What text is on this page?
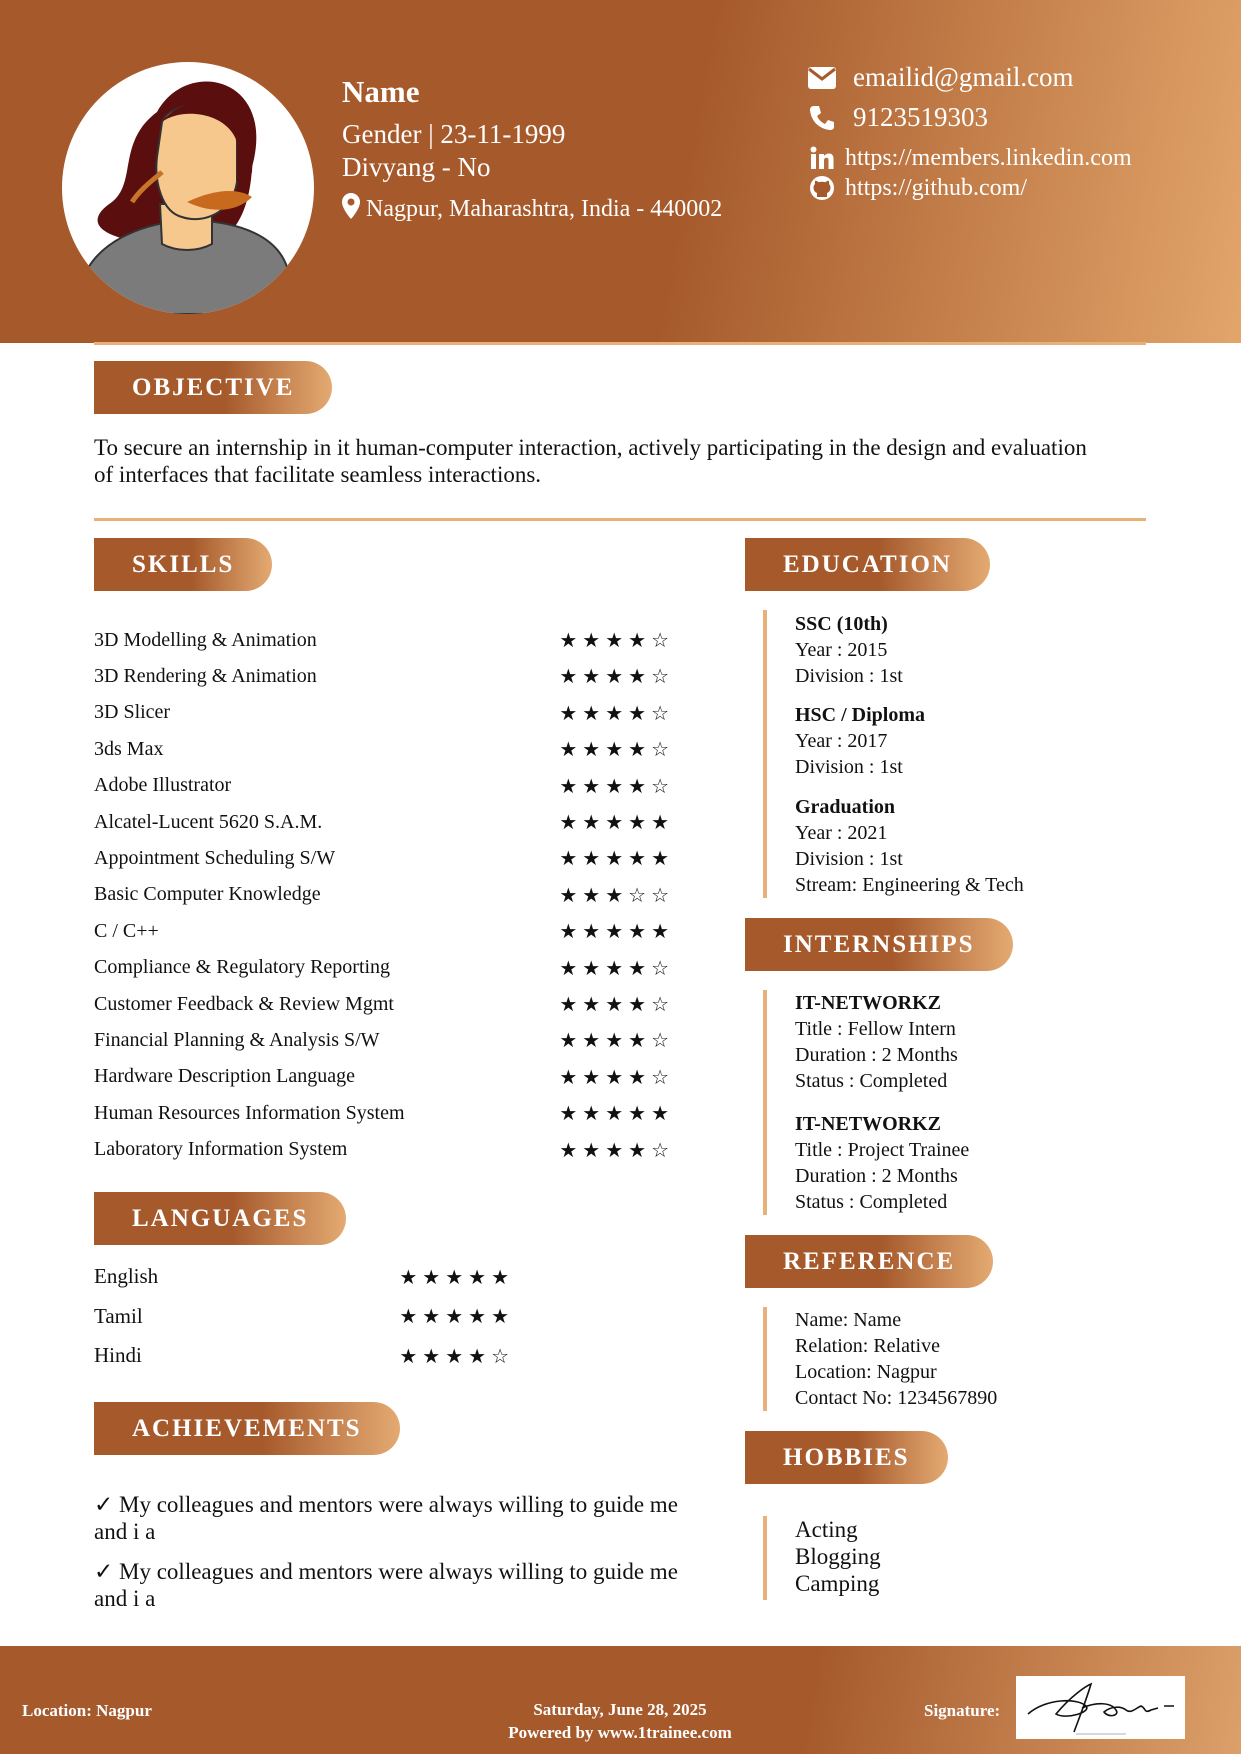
Name
Gender | 23-11-1999
Divyang - No
Nagpur, Maharashtra, India - 440002
emailid@gmail.com
9123519303
https://members.linkedin.com
https://github.com/
OBJECTIVE
To secure an internship in it human-computer interaction, actively participating in the design and evaluation of interfaces that facilitate seamless interactions.
SKILLS
3D Modelling & Animation	★★★★☆
3D Rendering & Animation	★★★★☆
3D Slicer	★★★★☆
3ds Max	★★★★☆
Adobe Illustrator	★★★★☆
Alcatel-Lucent 5620 S.A.M.	★★★★★
Appointment Scheduling S/W	★★★★★
Basic Computer Knowledge	★★★☆☆
C / C++	★★★★★
Compliance & Regulatory Reporting	★★★★☆
Customer Feedback & Review Mgmt	★★★★☆
Financial Planning & Analysis S/W	★★★★☆
Hardware Description Language	★★★★☆
Human Resources Information System	★★★★★
Laboratory Information System	★★★★☆
LANGUAGES
English	★★★★★
Tamil	★★★★★
Hindi	★★★★☆
ACHIEVEMENTS
✓ My colleagues and mentors were always willing to guide me and i a
✓ My colleagues and mentors were always willing to guide me and i a
EDUCATION
SSC (10th)
Year : 2015
Division : 1st
HSC / Diploma
Year : 2017
Division : 1st
Graduation
Year : 2021
Division : 1st
Stream: Engineering & Tech
INTERNSHIPS
IT-NETWORKZ
Title : Fellow Intern
Duration : 2 Months
Status : Completed
IT-NETWORKZ
Title : Project Trainee
Duration : 2 Months
Status : Completed
REFERENCE
Name: Name
Relation: Relative
Location: Nagpur
Contact No: 1234567890
HOBBIES
Acting
Blogging
Camping
Location: Nagpur	Saturday, June 28, 2025
Powered by www.1trainee.com
Signature:
